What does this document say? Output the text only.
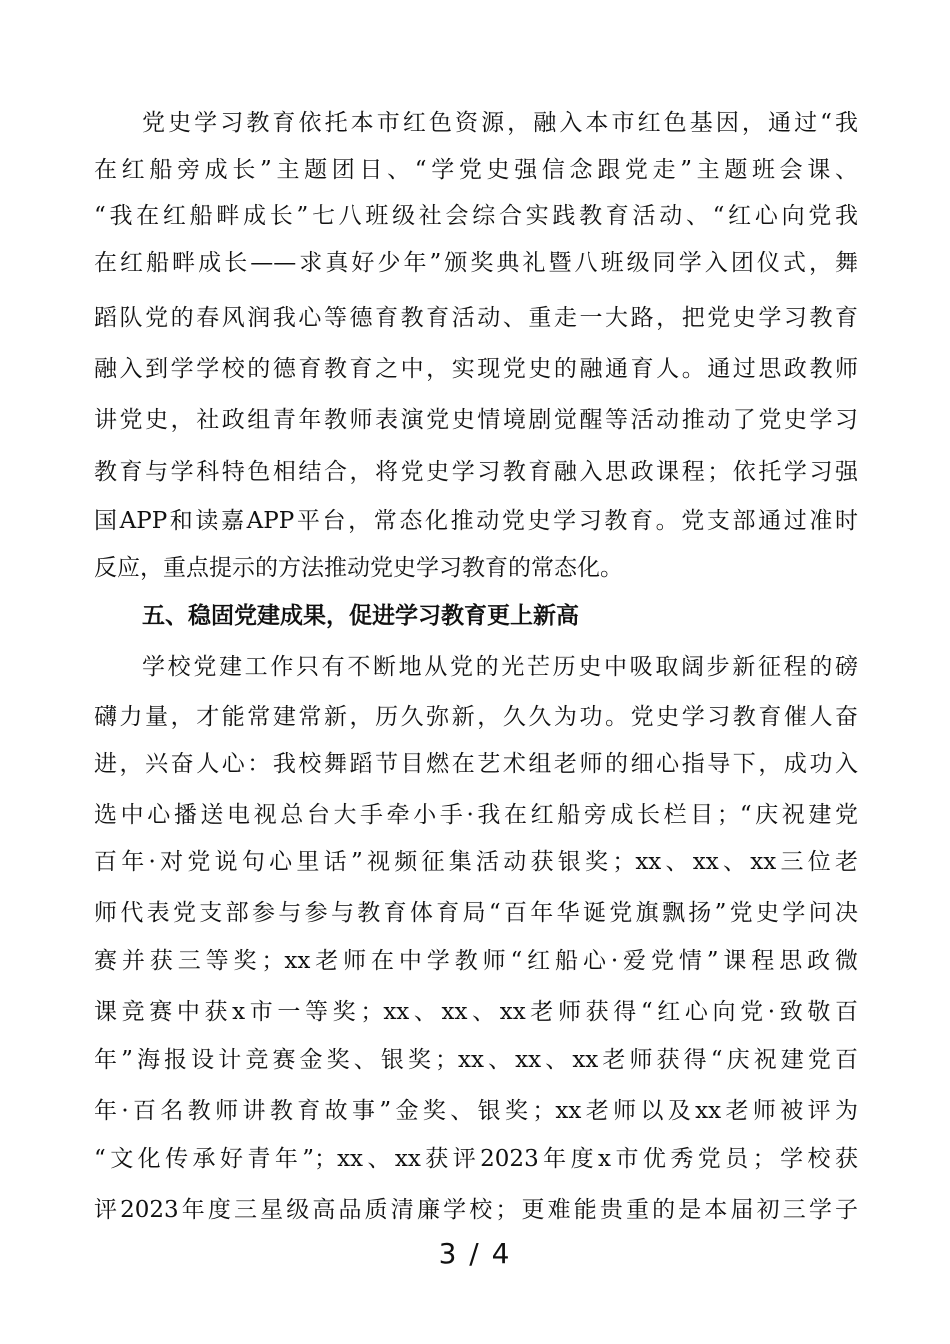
党史学习教育依托本市红色资源，融入本市红色基因，通过“我
在红船旁成长”主题团日、“学党史强信念跟党走”主题班会课、
“我在红船畔成长”七八班级社会综合实践教育活动、“红心向党我
在红船畔成长——求真好少年”颁奖典礼暨八班级同学入团仪式，舞
蹈队党的春风润我心等德育教育活动、重走一大路，把党史学习教育
融入到学学校的德育教育之中，实现党史的融通育人。通过思政教师
讲党史，社政组青年教师表演党史情境剧觉醒等活动推动了党史学习
教育与学科特色相结合，将党史学习教育融入思政课程；依托学习强
国APP和读嘉APP平台，常态化推动党史学习教育。党支部通过准时
反应，重点提示的方法推动党史学习教育的常态化。
五、稳固党建成果，促进学习教育更上新高
学校党建工作只有不断地从党的光芒历史中吸取阔步新征程的磅
礴力量，才能常建常新，历久弥新，久久为功。党史学习教育催人奋
进，兴奋人心：我校舞蹈节目燃在艺术组老师的细心指导下，成功入
选中心播送电视总台大手牵小手·我在红船旁成长栏目；“庆祝建党
百年·对党说句心里话”视频征集活动获银奖；xx、xx、xx三位老
师代表党支部参与参与教育体育局“百年华诞党旗飘扬”党史学问决
赛并获三等奖；xx老师在中学教师“红船心·爱党情”课程思政微
课竞赛中获x市一等奖；xx、xx、xx老师获得“红心向党·致敬百
年”海报设计竞赛金奖、银奖；xx、xx、xx老师获得“庆祝建党百
年·百名教师讲教育故事”金奖、银奖；xx老师以及xx老师被评为
“文化传承好青年”；xx、xx获评2023年度x市优秀党员；学校获
评2023年度三星级高品质清廉学校；更难能贵重的是本届初三学子
3 / 4
